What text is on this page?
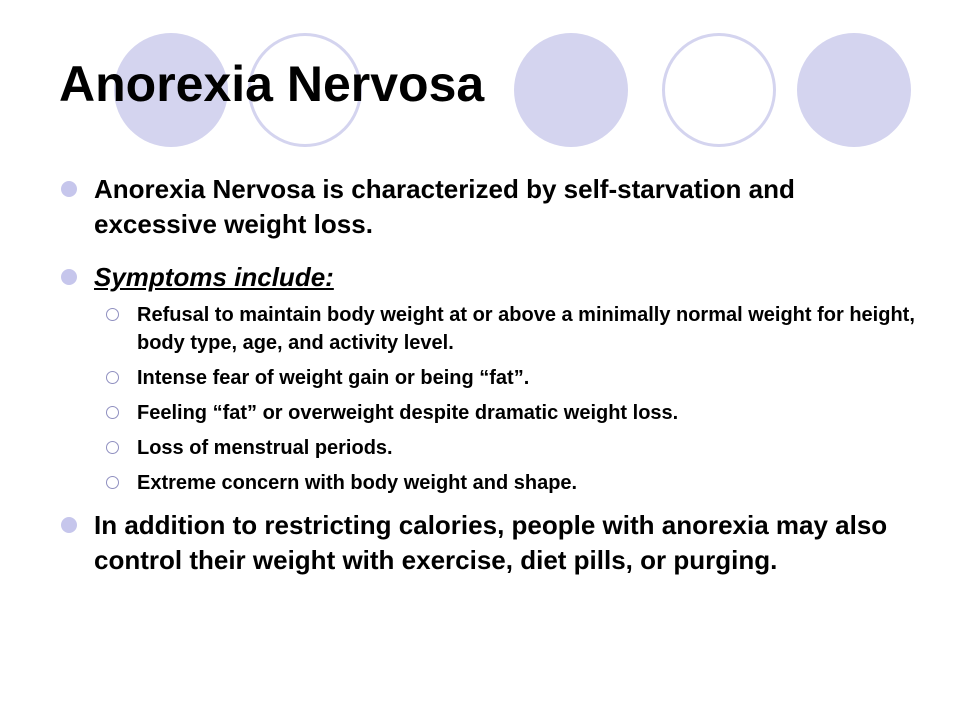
Anorexia Nervosa
Anorexia Nervosa is characterized by self-starvation and excessive weight loss.
Symptoms include:
Refusal to maintain body weight at or above a minimally normal weight for height, body type, age, and activity level.
Intense fear of weight gain or being “fat”.
Feeling “fat” or overweight despite dramatic weight loss.
Loss of menstrual periods.
Extreme concern with body weight and shape.
In addition to restricting calories, people with anorexia may also control their weight with exercise, diet pills, or purging.
